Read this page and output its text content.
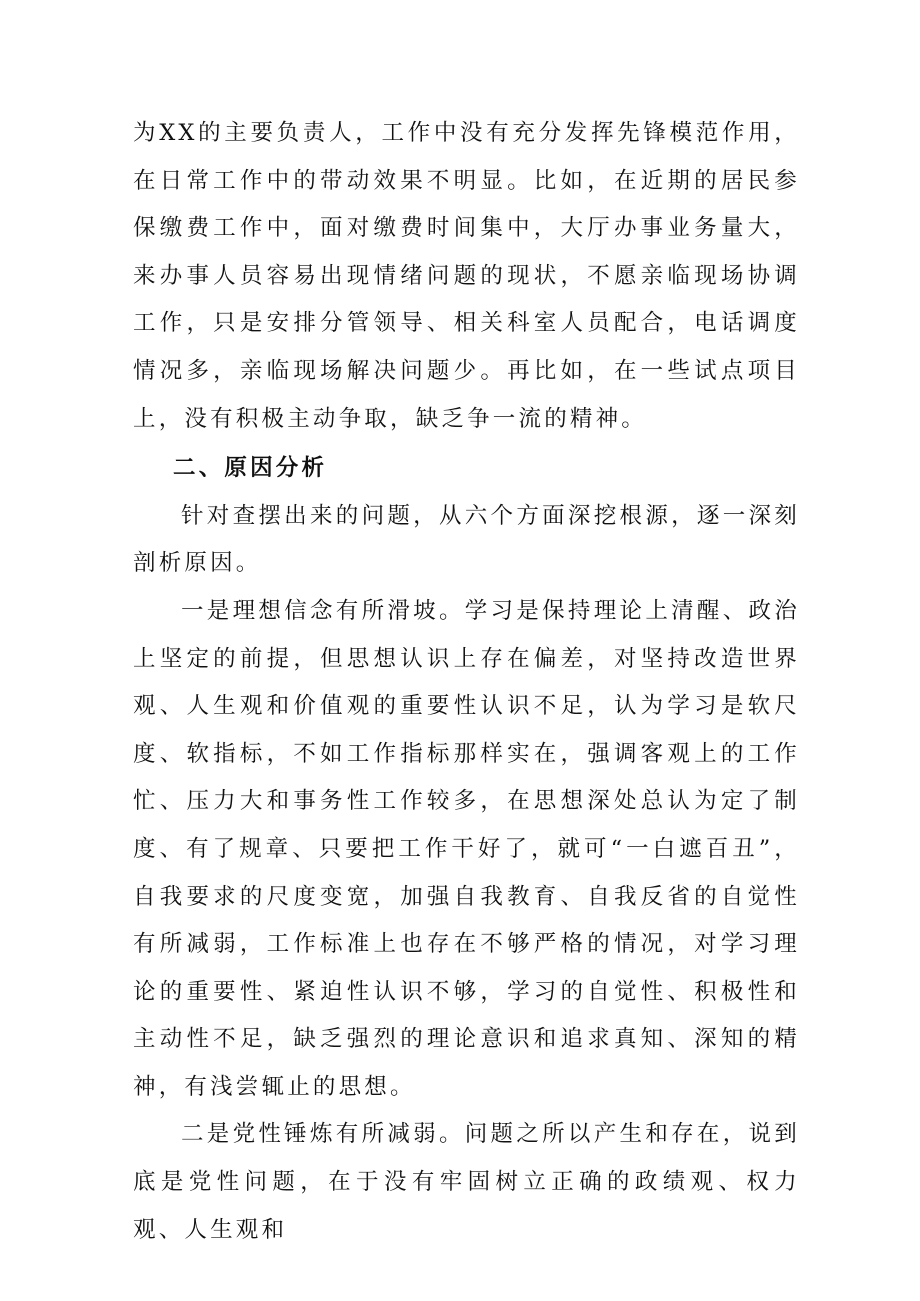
为XX的主要负责人，工作中没有充分发挥先锋模范作用，在日常工作中的带动效果不明显。比如，在近期的居民参保缴费工作中，面对缴费时间集中，大厅办事业务量大，来办事人员容易出现情绪问题的现状，不愿亲临现场协调工作，只是安排分管领导、相关科室人员配合，电话调度情况多，亲临现场解决问题少。再比如，在一些试点项目上，没有积极主动争取，缺乏争一流的精神。

二、原因分析

针对查摆出来的问题，从六个方面深挖根源，逐一深刻剖析原因。

一是理想信念有所滑坡。学习是保持理论上清醒、政治上坚定的前提，但思想认识上存在偏差，对坚持改造世界观、人生观和价值观的重要性认识不足，认为学习是软尺度、软指标，不如工作指标那样实在，强调客观上的工作忙、压力大和事务性工作较多，在思想深处总认为定了制度、有了规章、只要把工作干好了，就可“一白遮百丑”，自我要求的尺度变宽，加强自我教育、自我反省的自觉性有所减弱，工作标准上也存在不够严格的情况，对学习理论的重要性、紧迫性认识不够，学习的自觉性、积极性和主动性不足，缺乏强烈的理论意识和追求真知、深知的精神，有浅尝辄止的思想。

二是党性锤炼有所减弱。问题之所以产生和存在，说到底是党性问题，在于没有牢固树立正确的政绩观、权力观、人生观和
